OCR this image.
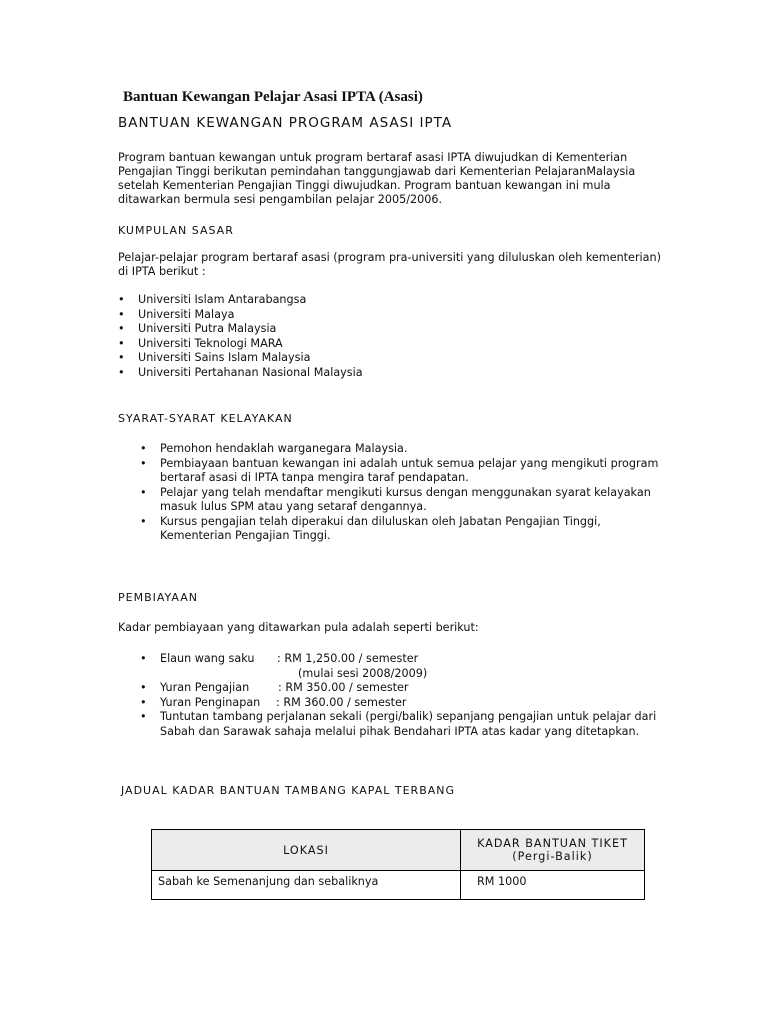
Bantuan Kewangan Pelajar Asasi IPTA (Asasi)
BANTUAN KEWANGAN PROGRAM ASASI IPTA

Program bantuan kewangan untuk program bertaraf asasi IPTA diwujudkan di Kementerian Pengajian Tinggi berikutan pemindahan tanggungjawab dari Kementerian PelajaranMalaysia setelah Kementerian Pengajian Tinggi diwujudkan. Program bantuan kewangan ini mula ditawarkan bermula sesi pengambilan pelajar 2005/2006.

KUMPULAN SASAR

Pelajar-pelajar program bertaraf asasi (program pra-universiti yang diluluskan oleh kementerian) di IPTA berikut :

• Universiti Islam Antarabangsa
• Universiti Malaya
• Universiti Putra Malaysia
• Universiti Teknologi MARA
• Universiti Sains Islam Malaysia
• Universiti Pertahanan Nasional Malaysia
SYARAT-SYARAT KELAYAKAN
• Pemohon hendaklah warganegara Malaysia.
• Pembiayaan bantuan kewangan ini adalah untuk semua pelajar yang mengikuti program bertaraf asasi di IPTA tanpa mengira taraf pendapatan.
• Pelajar yang telah mendaftar mengikuti kursus dengan menggunakan syarat kelayakan masuk lulus SPM atau yang setaraf dengannya.
• Kursus pengajian telah diperakui dan diluluskan oleh Jabatan Pengajian Tinggi, Kementerian Pengajian Tinggi.
PEMBIAYAAN

Kadar pembiayaan yang ditawarkan pula adalah seperti berikut:

• Elaun wang saku : RM 1,250.00 / semester
(mulai sesi 2008/2009)
• Yuran Pengajian	: RM 350.00 / semester
• Yuran Penginapan : RM 360.00 / semester
• Tuntutan tambang perjalanan sekali (pergi/balik) sepanjang pengajian untuk pelajar dari Sabah dan Sarawak sahaja melalui pihak Bendahari IPTA atas kadar yang ditetapkan.
JADUAL KADAR BANTUAN TAMBANG KAPAL TERBANG
LOKASI	KADAR BANTUAN TIKET
(Pergi-Balik)

Sabah ke Semenanjung dan sebaliknya	RM 1000
